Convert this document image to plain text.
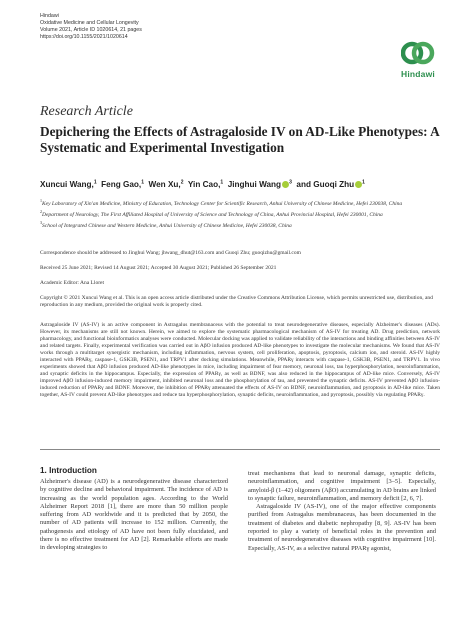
Hindawi
Oxidative Medicine and Cellular Longevity
Volume 2021, Article ID 1020614, 21 pages
https://doi.org/10.1155/2021/1020614
Hindawi
Research Article
Depichering the Effects of Astragaloside IV on AD-Like Phenotypes: A Systematic and Experimental Investigation
Xuncui Wang,$^1$ Feng Gao,$^1$ Wen Xu,$^2$ Yin Cao,$^1$ Jinghui Wang $^3$ and Guoqi Zhu $^1$
$^1$Key Laboratory of Xin'an Medicine, Ministry of Education, Technology Center for Scientific Research, Anhui University of Chinese Medicine, Hefei 230038, China
$^2$Department of Neurology, The First Affiliated Hospital of University of Science and Technology of China, Anhui Provincial Hospital, Hefei 230001, China
$^3$School of Integrated Chinese and Western Medicine, Anhui University of Chinese Medicine, Hefei 230038, China
Correspondence should be addressed to Jinghui Wang; jhwang_dhut@163.com and Guoqi Zhu; guoqizhu@gmail.com
Received 25 June 2021; Revised 14 August 2021; Accepted 30 August 2021; Published 26 September 2021
Academic Editor: Ana Lloret
Copyright © 2021 Xuncui Wang et al. This is an open access article distributed under the Creative Commons Attribution License, which permits unrestricted use, distribution, and reproduction in any medium, provided the original work is properly cited.
Astragaloside IV (AS-IV) is an active component in Astragalus membranaceus with the potential to treat neurodegenerative diseases, especially Alzheimer's diseases (ADs). However, its mechanisms are still not known. Herein, we aimed to explore the systematic pharmacological mechanism of AS-IV for treating AD. Drug prediction, network pharmacology, and functional bioinformatics analyses were conducted. Molecular docking was applied to validate reliability of the interactions and binding affinities between AS-IV and related targets. Finally, experimental verification was carried out in AβO infusion produced AD-like phenotypes to investigate the molecular mechanisms. We found that AS-IV works through a multitarget synergistic mechanism, including inflammation, nervous system, cell proliferation, apoptosis, pyroptosis, calcium ion, and steroid. AS-IV highly interacted with PPARγ, caspase-1, GSK3B, PSEN1, and TRPV1 after docking simulations. Meanwhile, PPARγ interacts with caspase-1, GSK3B, PSEN1, and TRPV1. In vivo experiments showed that AβO infusion produced AD-like phenotypes in mice, including impairment of fear memory, neuronal loss, tau hyperphosphorylation, neuroinflammation, and synaptic deficits in the hippocampus. Especially, the expression of PPARγ, as well as BDNF, was also reduced in the hippocampus of AD-like mice. Conversely, AS-IV improved AβO infusion-induced memory impairment, inhibited neuronal loss and the phosphorylation of tau, and prevented the synaptic deficits. AS-IV prevented AβO infusion-induced reduction of PPARγ and BDNF. Moreover, the inhibition of PPARγ attenuated the effects of AS-IV on BDNF, neuroinflammation, and pyroptosis in AD-like mice. Taken together, AS-IV could prevent AD-like phenotypes and reduce tau hyperphosphorylation, synaptic deficits, neuroinflammation, and pyroptosis, possibly via regulating PPARγ.
1. Introduction
Alzheimer's disease (AD) is a neurodegenerative disease characterized by cognitive decline and behavioral impairment. The incidence of AD is increasing as the world population ages. According to the World Alzheimer Report 2018 [1], there are more than 50 million people suffering from AD worldwide and it is predicted that by 2050, the number of AD patients will increase to 152 million. Currently, the pathogenesis and etiology of AD have not been fully elucidated, and there is no effective treatment for AD [2]. Remarkable efforts are made in developing strategies to
treat mechanisms that lead to neuronal damage, synaptic deficits, neuroinflammation, and cognitive impairment [3–5]. Especially, amyloid-β (1–42) oligomers (AβO) accumulating in AD brains are linked to synaptic failure, neuroinflammation, and memory deficit [2, 6, 7].
Astragaloside IV (AS-IV), one of the major effective components purified from Astragalus membranaceus, has been documented in the treatment of diabetes and diabetic nephropathy [8, 9]. AS-IV has been reported to play a variety of beneficial roles in the prevention and treatment of neurodegenerative diseases with cognitive impairment [10]. Especially, AS-IV, as a selective natural PPARγ agonist,
